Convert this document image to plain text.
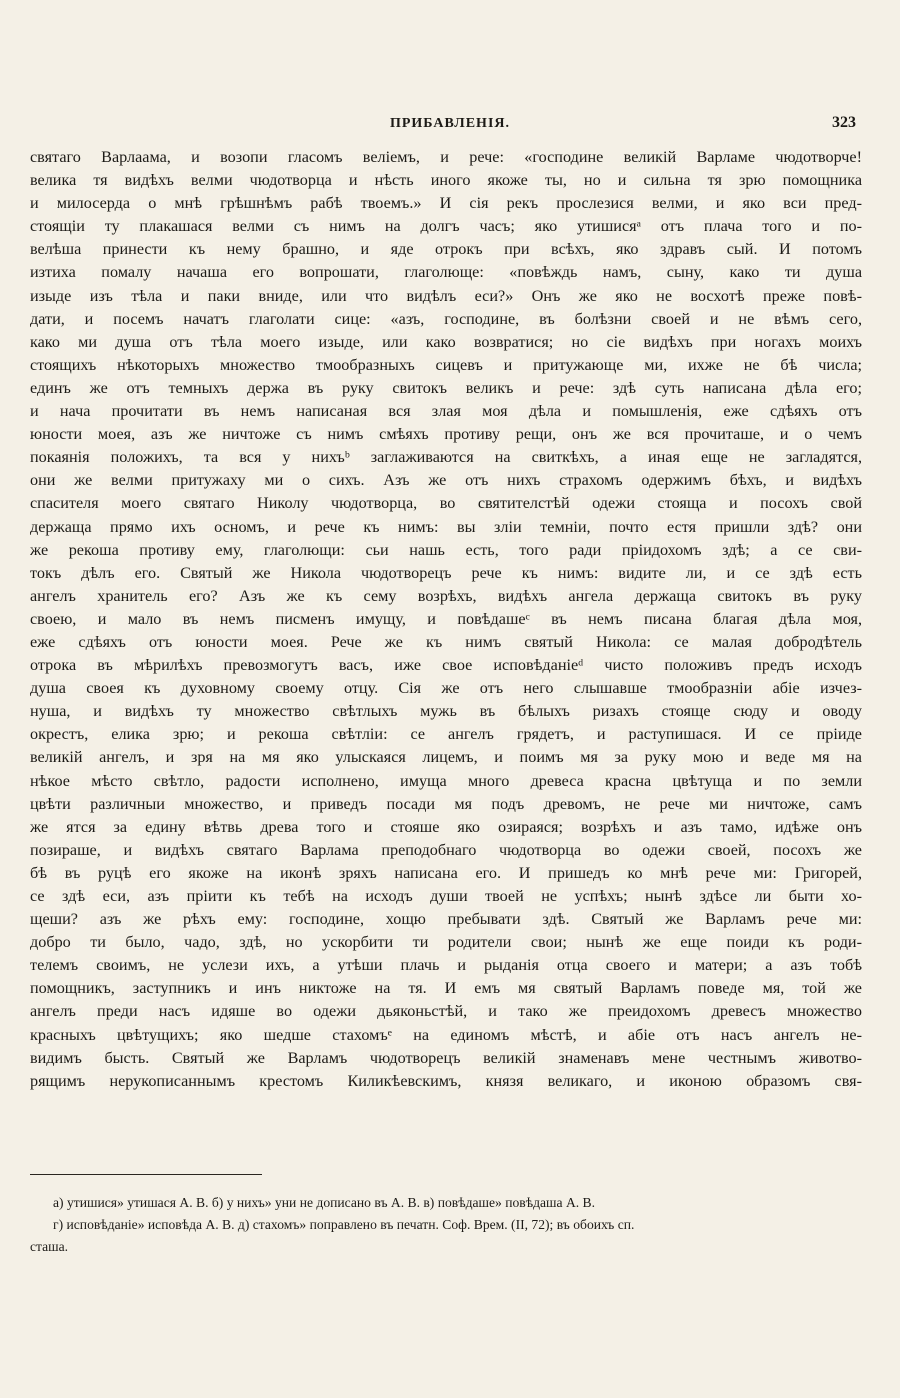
ПРИБАВЛЕНІЯ.	323
святаго Варлаама, и возопи гласомъ велiемъ, и рече: «господине великiй Варламе чюдотворче!
велика тя видѣхъ велми чюдотворца и нѣсть иного якоже ты, но и сильна тя зрю помощника
и милосерда о мнѣ грѣшнѣмъ рабѣ твоемъ.» И сiя рекъ прослезися велми, и яко вси пред-
стоящiи ту плакашася велми съ нимъ на долгъ часъ; яко утишисяᵃ отъ плача того и по-
велѣша принести къ нему брашно, и яде отрокъ при всѣхъ, яко здравъ сый. И потомъ
изтиха помалу начаша его вопрошати, глаголюще: «повѣждь намъ, сыну, како ти душа
изыде изъ тѣла и паки вниде, или что видѣлъ еси?» Онъ же яко не восхотѣ преже повѣ-
дати, и посемъ начатъ глаголати сице: «азъ, господине, въ болѣзни своей и не вѣмъ сего,
како ми душа отъ тѣла моего изыде, или како возвратися; но сiе видѣхъ при ногахъ моихъ
стоящихъ нѣкоторыхъ множество тмообразныхъ сицевъ и притужающе ми, ихже не бѣ числа;
единъ же отъ темныхъ держа въ руку свитокъ великъ и рече: здѣ суть написана дѣла его;
и нача прочитати въ немъ написаная вся злая моя дѣла и помышленiя, еже сдѣяхъ отъ
юности моея, азъ же ничтоже съ нимъ смѣяхъ противу рещи, онъ же вся прочиташе, и о чемъ
покаянiя положихъ, та вся у нихъᵇ заглаживаются на свиткѣхъ, а иная еще не загладятся,
они же велми притужаху ми о сихъ. Азъ же отъ нихъ страхомъ одержимъ бѣхъ, и видѣхъ
спасителя моего святаго Николу чюдотворца, во святителстѣй одежи стояща и посохъ свой
держаща прямо ихъ осномъ, и рече къ нимъ: вы злiи темнiи, почто естя пришли здѣ? они
же рекоша противу ему, глаголющи: сьи нашь есть, того ради прiидохомъ здѣ; а се сви-
токъ дѣлъ его. Святый же Никола чюдотворецъ рече къ нимъ: видите ли, и се здѣ есть
ангелъ хранитель его? Азъ же къ сему возрѣхъ, видѣхъ ангела держаща свитокъ въ руку
своею, и мало въ немъ писменъ имущу, и повѣдашеᶜ въ немъ писана благая дѣла моя,
еже сдѣяхъ отъ юности моея. Рече же къ нимъ святый Никола: се малая добродѣтель
отрока въ мѣрилѣхъ превозмогутъ васъ, иже свое исповѣданiеᵈ чисто положивъ предъ исходъ
душа своея къ духовному своему отцу. Сiя же отъ него слышавше тмообразнiи абiе изчез-
нуша, и видѣхъ ту множество свѣтлыхъ мужь въ бѣлыхъ ризахъ стояще сюду и оводу
окрестъ, елика зрю; и рекоша свѣтлiи: се ангелъ грядетъ, и раступишася. И се прiиде
великiй ангелъ, и зря на мя яко улыскаяся лицемъ, и поимъ мя за руку мою и веде мя на
нѣкое мѣсто свѣтло, радости исполнено, имуща много древеса красна цвѣтуща и по земли
цвѣти различныи множество, и приведъ посади мя подъ древомъ, не рече ми ничтоже, самъ
же ятся за едину вѣтвь древа того и стояше яко озираяся; возрѣхъ и азъ тамо, идѣже онъ
позираше, и видѣхъ святаго Варлама преподобнаго чюдотворца во одежи своей, посохъ же
бѣ въ руцѣ его якоже на иконѣ зряхъ написана его. И пришедъ ко мнѣ рече ми: Григорей,
се здѣ еси, азъ прiити къ тебѣ на исходъ души твоей не успѣхъ; нынѣ здѣсе ли быти хо-
щеши? азъ же рѣхъ ему: господине, хощю пребывати здѣ. Святый же Варламъ рече ми:
добро ти было, чадо, здѣ, но ускорбити ти родители свои; нынѣ же еще поиди къ роди-
телемъ своимъ, не услези ихъ, а утѣши плачь и рыданiя отца своего и матери; а азъ тобѣ
помощникъ, заступникъ и инъ никтоже на тя. И емъ мя святый Варламъ поведе мя, той же
ангелъ преди насъ идяше во одежи дьяконьстѣй, и тако же преидохомъ древесъ множество
красныхъ цвѣтущихъ; яко шедше стахомъᵉ на единомъ мѣстѣ, и абiе отъ насъ ангелъ не-
видимъ бысть. Святый же Варламъ чюдотворецъ великiй знаменавъ мене честнымъ животво-
рящимъ нерукописаннымъ крестомъ Киликѣевскимъ, князя великаго, и иконою образомъ свя-
а) утишися» утишася А. В. б) у нихъ» уни не дописано въ А. В. в) повѣдаше» повѣдаша А. В.
г) исповѣданiе» исповѣда А. В. д) стахомъ» поправлено въ печатн. Соф. Врем. (II, 72); въ обоихъ сп.
сташа.
